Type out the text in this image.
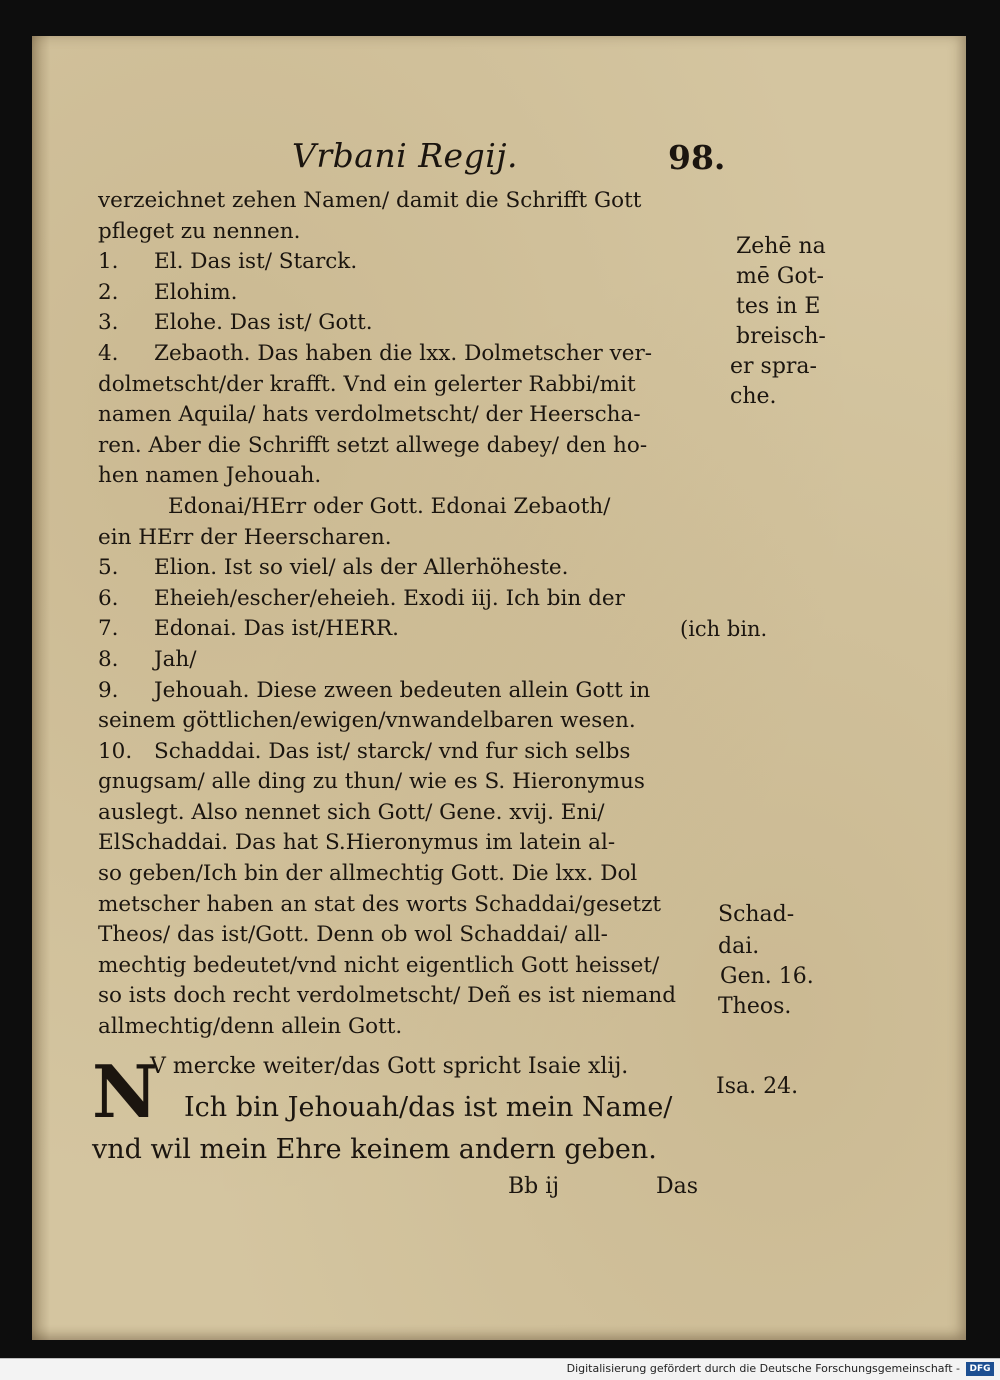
Vrbani Regij.	98.
verzeichnet zehen Namen/ damit die Schrifft Gott
pfleget zu nennen.
1. El. Das ist/ Starck.
2. Elohim.
3. Elohe. Das ist/ Gott.
4. Zebaoth. Das haben die lxx. Dolmetscher ver-
dolmetscht/der krafft. Vnd ein gelerter Rabbi/mit
namen Aquila/ hats verdolmetscht/ der Heerscha-
ren. Aber die Schrifft setzt allwege dabey/ den ho-
hen namen Jehouah.
Edonai/HErr oder Gott. Edonai Zebaoth/
ein HErr der Heerscharen.
5. Elion. Ist so viel/ als der Allerhöheste.
6. Eheieh/escher/eheieh. Exodi iij. Ich bin der
7. Edonai. Das ist/HERR.	(ich bin.
8. Jah/
9. Jehouah. Diese zween bedeuten allein Gott in
seinem göttlichen/ewigen/vnwandelbaren wesen.
10. Schaddai. Das ist/ starck/ vnd fur sich selbs
gnugsam/ alle ding zu thun/ wie es S. Hieronymus
auslegt. Also nennet sich Gott/ Gene. xvij. Eni/
ElSchaddai. Das hat S.Hieronymus im latein al-
so geben/Ich bin der allmechtig Gott. Die lxx. Dol
metscher haben an stat des worts Schaddai/gesetzt
Theos/ das ist/Gott. Denn ob wol Schaddai/ all-
mechtig bedeutet/vnd nicht eigentlich Gott heisset/
so ists doch recht verdolmetscht/ Deñ es ist niemand
allmechtig/denn allein Gott.
Zehē na
mē Got-
tes in E
breisch-
er spra-
che.
Schad-
dai.
Gen. 16.
Theos.
Isa. 24.
N
V mercke weiter/das Gott spricht Isaie xlij.
Ich bin Jehouah/das ist mein Name/
vnd wil mein Ehre keinem andern geben.
Bb ij	Das
Digitalisierung gefördert durch die Deutsche Forschungsgemeinschaft -	DFG
